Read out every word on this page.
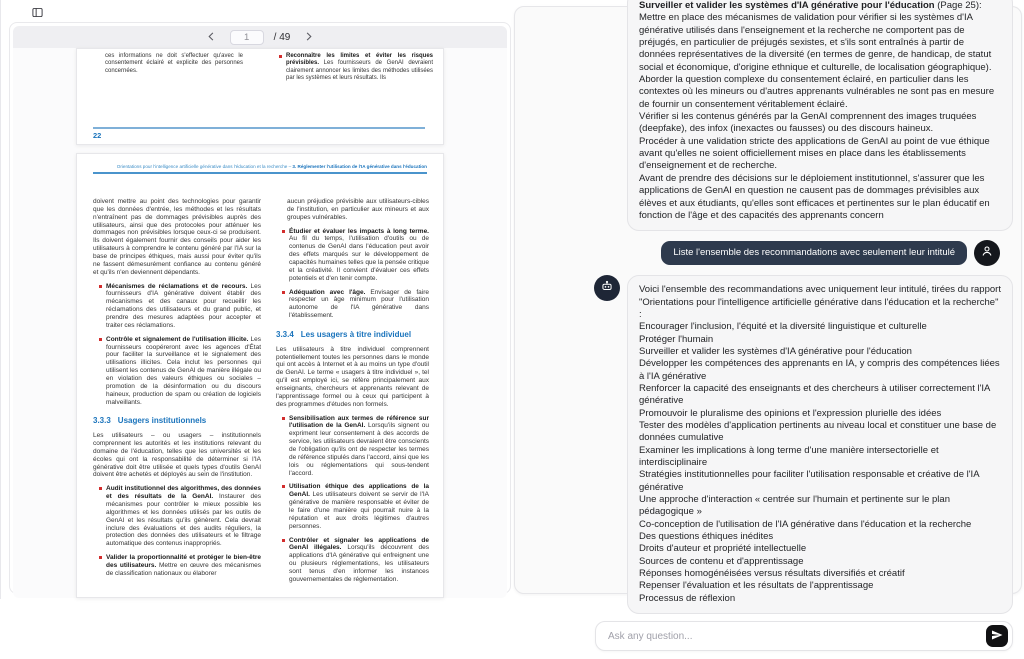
1
/ 49
ces informations ne doit s'effectuer qu'avec le consentement éclairé et explicite des personnes concernées.
Reconnaître les limites et éviter les risques prévisibles. Les fournisseurs de GenAI devraient clairement annoncer les limites des méthodes utilisées par les systèmes et leurs résultats. Ils
22
Orientations pour l'intelligence artificielle générative dans l'éducation et la recherche – 3. Réglementer l'utilisation de l'IA générative dans l'éducation
doivent mettre au point des technologies pour garantir que les données d'entrée, les méthodes et les résultats n'entraînent pas de dommages prévisibles auprès des utilisateurs, ainsi que des protocoles pour atténuer les dommages non prévisibles lorsque ceux-ci se produisent. Ils doivent également fournir des conseils pour aider les utilisateurs à comprendre le contenu généré par l'IA sur la base de principes éthiques, mais aussi pour éviter qu'ils ne fassent démesurément confiance au contenu généré et qu'ils n'en deviennent dépendants.
Mécanismes de réclamations et de recours. Les fournisseurs d'IA générative doivent établir des mécanismes et des canaux pour recueillir les réclamations des utilisateurs et du grand public, et prendre des mesures adaptées pour accepter et traiter ces réclamations.
Contrôle et signalement de l'utilisation illicite. Les fournisseurs coopéreront avec les agences d'État pour faciliter la surveillance et le signalement des utilisations illicites. Cela inclut les personnes qui utilisent les contenus de GenAI de manière illégale ou en violation des valeurs éthiques ou sociales – promotion de la désinformation ou du discours haineux, production de spam ou création de logiciels malveillants.
3.3.3 Usagers institutionnels
Les utilisateurs – ou usagers – institutionnels comprennent les autorités et les institutions relevant du domaine de l'éducation, telles que les universités et les écoles qui ont la responsabilité de déterminer si l'IA générative doit être utilisée et quels types d'outils GenAI doivent être achetés et déployés au sein de l'institution.
Audit institutionnel des algorithmes, des données et des résultats de la GenAI. Instaurer des mécanismes pour contrôler le mieux possible les algorithmes et les données utilisés par les outils de GenAI et les résultats qu'ils génèrent. Cela devrait inclure des évaluations et des audits réguliers, la protection des données des utilisateurs et le filtrage automatique des contenus inappropriés.
Valider la proportionnalité et protéger le bien-être des utilisateurs. Mettre en œuvre des mécanismes de classification nationaux ou élaborer
aucun préjudice prévisible aux utilisateurs-cibles de l'institution, en particulier aux mineurs et aux groupes vulnérables.
Étudier et évaluer les impacts à long terme. Au fil du temps, l'utilisation d'outils ou de contenus de GenAI dans l'éducation peut avoir des effets marqués sur le développement de capacités humaines telles que la pensée critique et la créativité. Il convient d'évaluer ces effets potentiels et d'en tenir compte.
Adéquation avec l'âge. Envisager de faire respecter un âge minimum pour l'utilisation autonome de l'IA générative dans l'établissement.
3.3.4 Les usagers à titre individuel
Les utilisateurs à titre individuel comprennent potentiellement toutes les personnes dans le monde qui ont accès à Internet et à au moins un type d'outil de GenAI. Le terme « usagers à titre individuel », tel qu'il est employé ici, se réfère principalement aux enseignants, chercheurs et apprenants relevant de l'apprentissage formel ou à ceux qui participent à des programmes d'études non formels.
Sensibilisation aux termes de référence sur l'utilisation de la GenAI. Lorsqu'ils signent ou expriment leur consentement à des accords de service, les utilisateurs devraient être conscients de l'obligation qu'ils ont de respecter les termes de référence stipulés dans l'accord, ainsi que les lois ou réglementations qui sous-tendent l'accord.
Utilisation éthique des applications de la GenAI. Les utilisateurs doivent se servir de l'IA générative de manière responsable et éviter de le faire d'une manière qui pourrait nuire à la réputation et aux droits légitimes d'autres personnes.
Contrôler et signaler les applications de GenAI illégales. Lorsqu'ils découvrent des applications d'IA générative qui enfreignent une ou plusieurs réglementations, les utilisateurs sont tenus d'en informer les instances gouvernementales de réglementation.
Surveiller et valider les systèmes d'IA générative pour l'éducation (Page 25):
Mettre en place des mécanismes de validation pour vérifier si les systèmes d'IA générative utilisés dans l'enseignement et la recherche ne comportent pas de préjugés, en particulier de préjugés sexistes, et s'ils sont entraînés à partir de données représentatives de la diversité (en termes de genre, de handicap, de statut social et économique, d'origine ethnique et culturelle, de localisation géographique).
Aborder la question complexe du consentement éclairé, en particulier dans les contextes où les mineurs ou d'autres apprenants vulnérables ne sont pas en mesure de fournir un consentement véritablement éclairé.
Vérifier si les contenus générés par la GenAI comprennent des images truquées (deepfake), des infox (inexactes ou fausses) ou des discours haineux.
Procéder à une validation stricte des applications de GenAI au point de vue éthique avant qu'elles ne soient officiellement mises en place dans les établissements d'enseignement et de recherche.
Avant de prendre des décisions sur le déploiement institutionnel, s'assurer que les applications de GenAI en question ne causent pas de dommages prévisibles aux élèves et aux étudiants, qu'elles sont efficaces et pertinentes sur le plan éducatif en fonction de l'âge et des capacités des apprenants concern
Liste l'ensemble des recommandations avec seulement leur intitulé
Voici l'ensemble des recommandations avec uniquement leur intitulé, tirées du rapport "Orientations pour l'intelligence artificielle générative dans l'éducation et la recherche" :
Encourager l'inclusion, l'équité et la diversité linguistique et culturelle
Protéger l'humain
Surveiller et valider les systèmes d'IA générative pour l'éducation
Développer les compétences des apprenants en IA, y compris des compétences liées à l'IA générative
Renforcer la capacité des enseignants et des chercheurs à utiliser correctement l'IA générative
Promouvoir le pluralisme des opinions et l'expression plurielle des idées
Tester des modèles d'application pertinents au niveau local et constituer une base de données cumulative
Examiner les implications à long terme d'une manière intersectorielle et interdisciplinaire
Stratégies institutionnelles pour faciliter l'utilisation responsable et créative de l'IA générative
Une approche d'interaction « centrée sur l'humain et pertinente sur le plan pédagogique »
Co-conception de l'utilisation de l'IA générative dans l'éducation et la recherche
Des questions éthiques inédites
Droits d'auteur et propriété intellectuelle
Sources de contenu et d'apprentissage
Réponses homogénéisées versus résultats diversifiés et créatif
Repenser l'évaluation et les résultats de l'apprentissage
Processus de réflexion
Ask any question...
